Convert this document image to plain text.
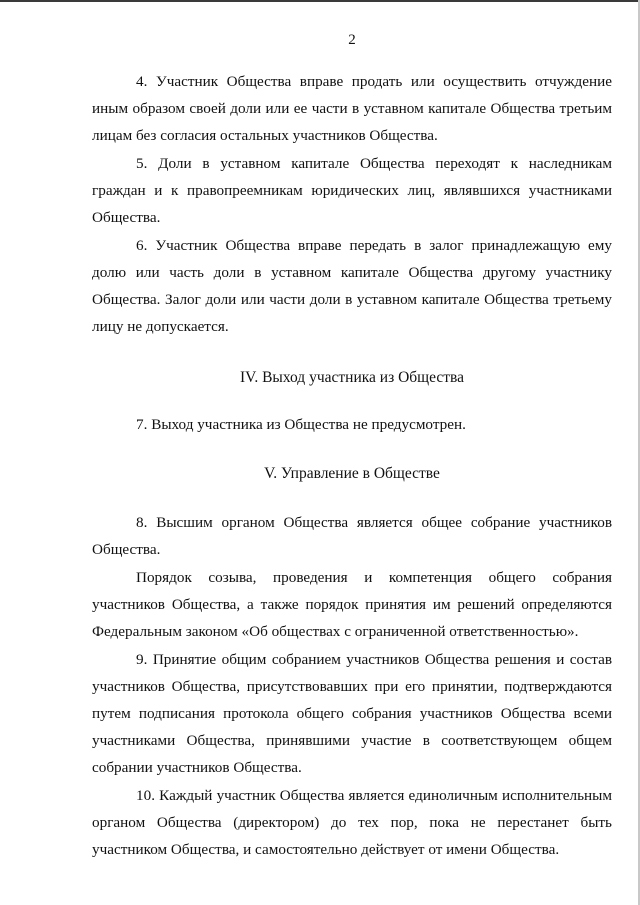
2

4. Участник Общества вправе продать или осуществить отчуждение иным образом своей доли или ее части в уставном капитале Общества третьим лицам без согласия остальных участников Общества.

5. Доли в уставном капитале Общества переходят к наследникам граждан и к правопреемникам юридических лиц, являвшихся участниками Общества.

6. Участник Общества вправе передать в залог принадлежащую ему долю или часть доли в уставном капитале Общества другому участнику Общества. Залог доли или части доли в уставном капитале Общества третьему лицу не допускается.

IV. Выход участника из Общества

7. Выход участника из Общества не предусмотрен.

V. Управление в Обществе

8. Высшим органом Общества является общее собрание участников Общества.

Порядок созыва, проведения и компетенция общего собрания участников Общества, а также порядок принятия им решений определяются Федеральным законом «Об обществах с ограниченной ответственностью».

9. Принятие общим собранием участников Общества решения и состав участников Общества, присутствовавших при его принятии, подтверждаются путем подписания протокола общего собрания участников Общества всеми участниками Общества, принявшими участие в соответствующем общем собрании участников Общества.

10. Каждый участник Общества является единоличным исполнительным органом Общества (директором) до тех пор, пока не перестанет быть участником Общества, и самостоятельно действует от имени Общества.
